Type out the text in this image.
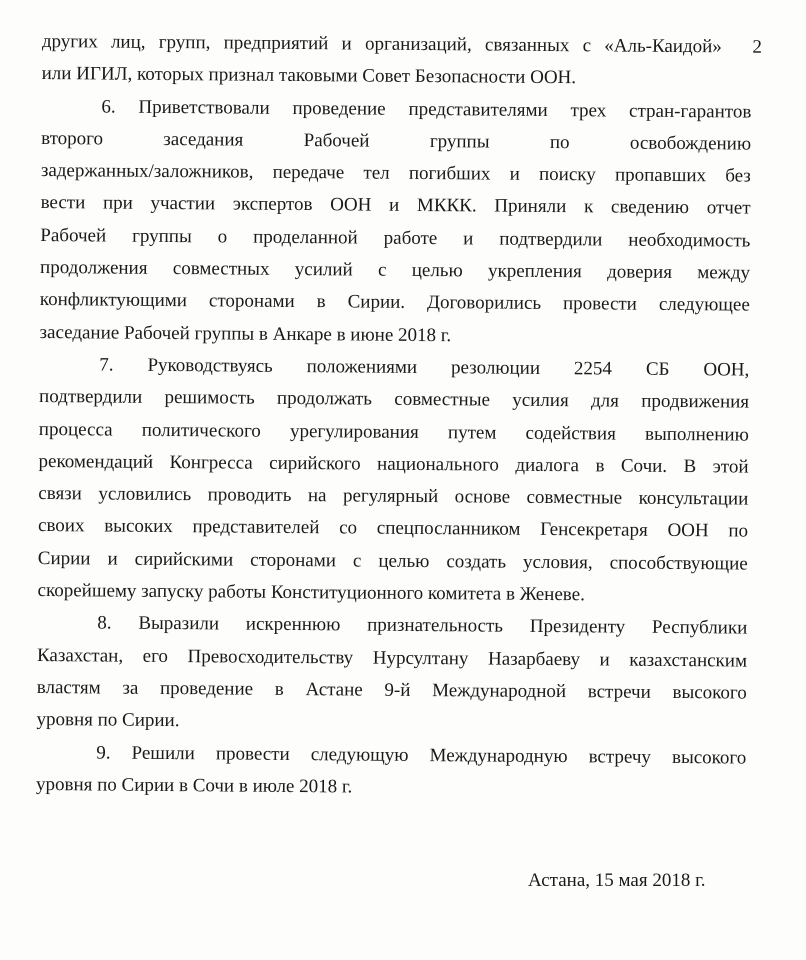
2
других лиц, групп, предприятий и организаций, связанных с «Аль-Каидой»
или ИГИЛ, которых признал таковыми Совет Безопасности ООН.
6. Приветствовали проведение представителями трех стран-гарантов
второго заседания Рабочей группы по освобождению
задержанных/заложников, передаче тел погибших и поиску пропавших без
вести при участии экспертов ООН и МККК. Приняли к сведению отчет
Рабочей группы о проделанной работе и подтвердили необходимость
продолжения совместных усилий с целью укрепления доверия между
конфликтующими сторонами в Сирии. Договорились провести следующее
заседание Рабочей группы в Анкаре в июне 2018 г.
7. Руководствуясь положениями резолюции 2254 СБ ООН,
подтвердили решимость продолжать совместные усилия для продвижения
процесса политического урегулирования путем содействия выполнению
рекомендаций Конгресса сирийского национального диалога в Сочи. В этой
связи условились проводить на регулярный основе совместные консультации
своих высоких представителей со спецпосланником Генсекретаря ООН по
Сирии и сирийскими сторонами с целью создать условия, способствующие
скорейшему запуску работы Конституционного комитета в Женеве.
8. Выразили искреннюю признательность Президенту Республики
Казахстан, его Превосходительству Нурсултану Назарбаеву и казахстанским
властям за проведение в Астане 9-й Международной встречи высокого
уровня по Сирии.
9. Решили провести следующую Международную встречу высокого
уровня по Сирии в Сочи в июле 2018 г.
Астана, 15 мая 2018 г.
